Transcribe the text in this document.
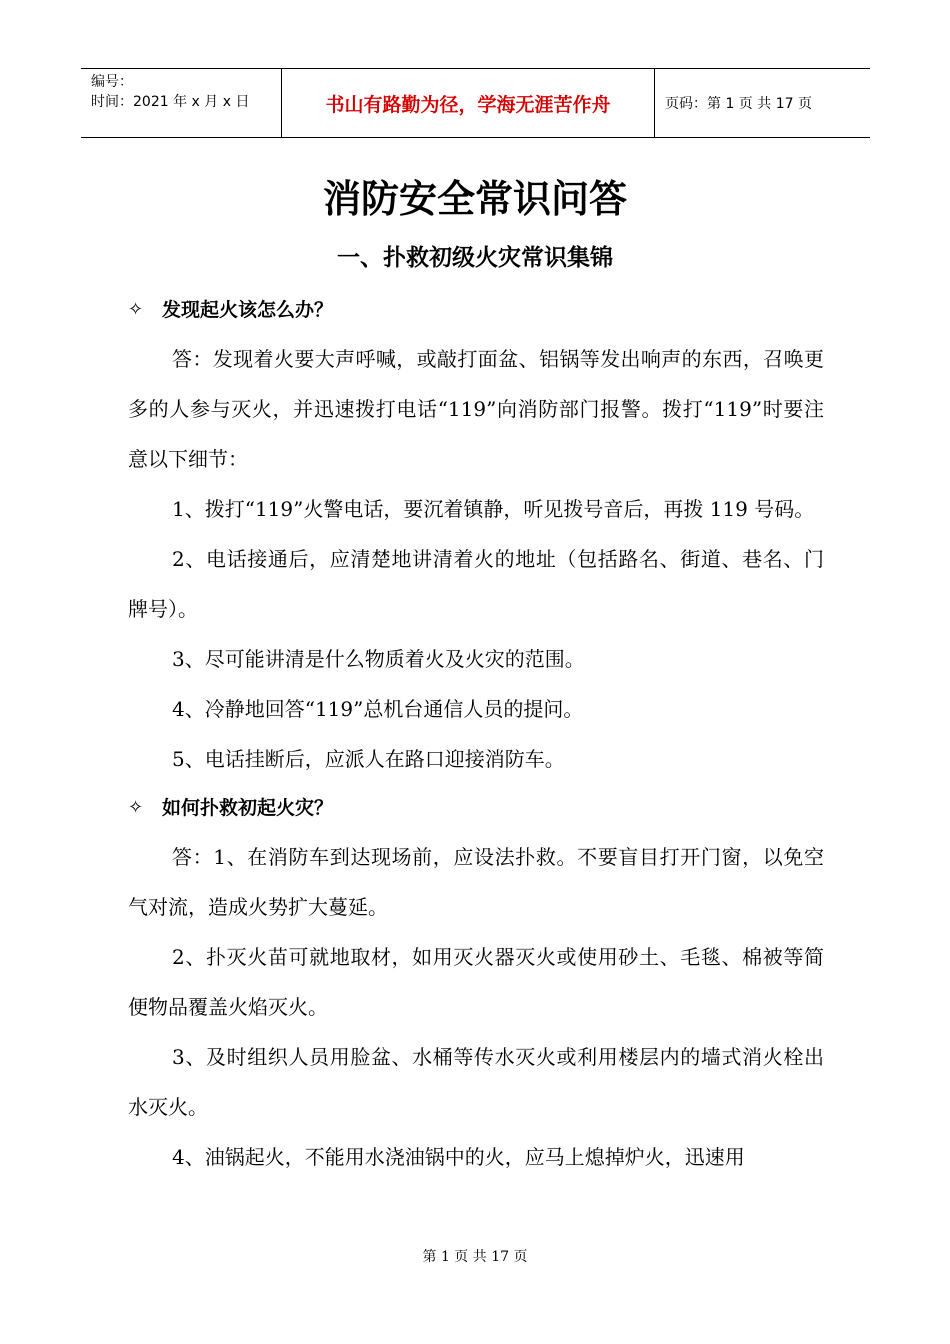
编号：
时间：2021 年 x 月 x 日	书山有路勤为径，学海无涯苦作舟	页码：第 1 页 共 17 页
消防安全常识问答
一、扑救初级火灾常识集锦
✧ 发现起火该怎么办？

答：发现着火要大声呼喊，或敲打面盆、铝锅等发出响声的东西，召唤更多的人参与灭火，并迅速拨打电话“119”向消防部门报警。拨打“119”时要注意以下细节：

1、拨打“119”火警电话，要沉着镇静，听见拨号音后，再拨 119 号码。

2、电话接通后，应清楚地讲清着火的地址（包括路名、街道、巷名、门牌号）。

3、尽可能讲清是什么物质着火及火灾的范围。

4、冷静地回答“119”总机台通信人员的提问。

5、电话挂断后，应派人在路口迎接消防车。

✧ 如何扑救初起火灾？

答：1、在消防车到达现场前，应设法扑救。不要盲目打开门窗，以免空气对流，造成火势扩大蔓延。

2、扑灭火苗可就地取材，如用灭火器灭火或使用砂土、毛毯、棉被等简便物品覆盖火焰灭火。

3、及时组织人员用脸盆、水桶等传水灭火或利用楼层内的墙式消火栓出水灭火。

4、油锅起火，不能用水浇油锅中的火，应马上熄掉炉火，迅速用

第 1 页 共 17 页
